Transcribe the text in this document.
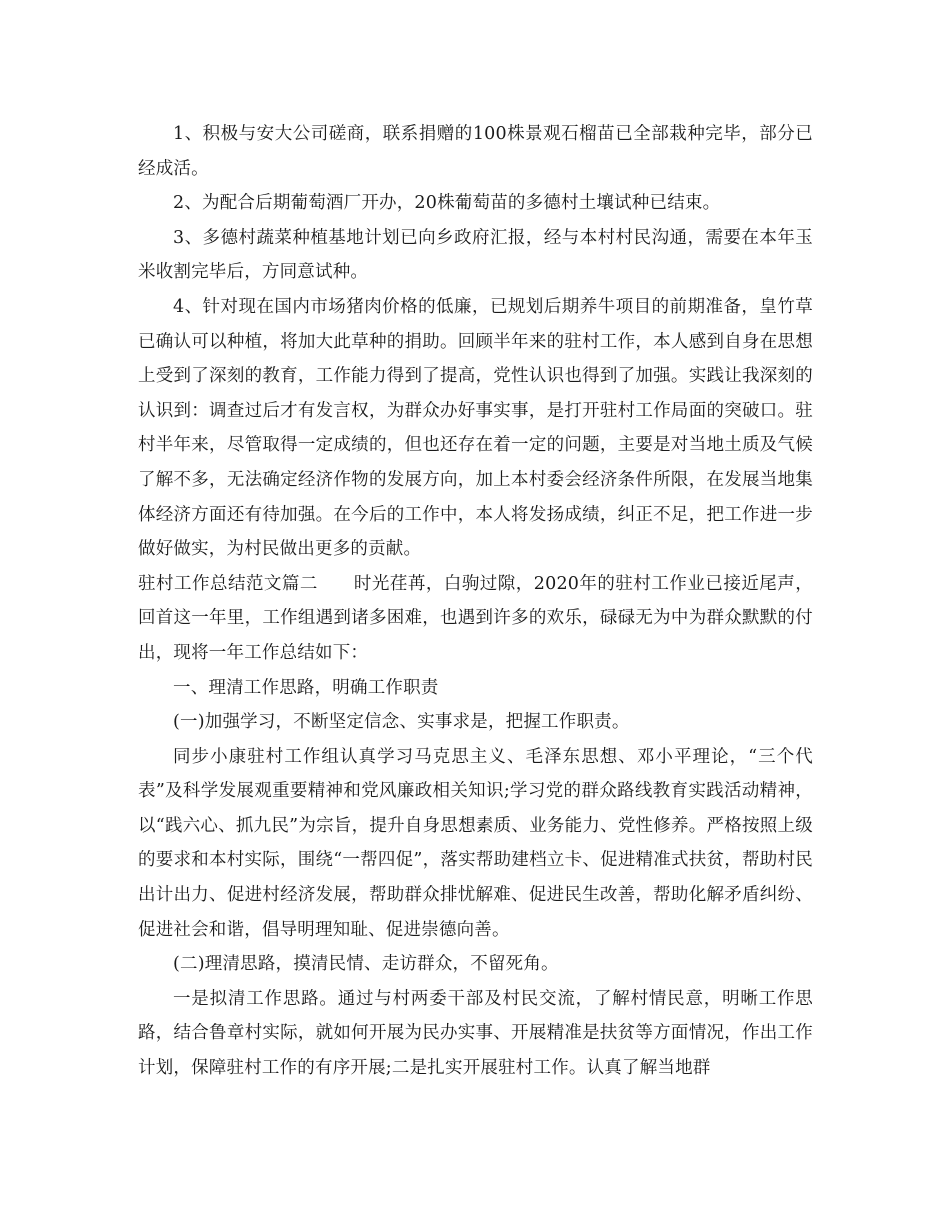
1、积极与安大公司磋商，联系捐赠的100株景观石榴苗已全部栽种完毕，部分已经成活。

2、为配合后期葡萄酒厂开办，20株葡萄苗的多德村土壤试种已结束。

3、多德村蔬菜种植基地计划已向乡政府汇报，经与本村村民沟通，需要在本年玉米收割完毕后，方同意试种。

4、针对现在国内市场猪肉价格的低廉，已规划后期养牛项目的前期准备，皇竹草已确认可以种植，将加大此草种的捐助。回顾半年来的驻村工作，本人感到自身在思想上受到了深刻的教育，工作能力得到了提高，党性认识也得到了加强。实践让我深刻的认识到：调查过后才有发言权，为群众办好事实事，是打开驻村工作局面的突破口。驻村半年来，尽管取得一定成绩的，但也还存在着一定的问题，主要是对当地土质及气候了解不多，无法确定经济作物的发展方向，加上本村委会经济条件所限，在发展当地集体经济方面还有待加强。在今后的工作中，本人将发扬成绩，纠正不足，把工作进一步做好做实，为村民做出更多的贡献。

驻村工作总结范文篇二　　时光荏苒，白驹过隙，2020年的驻村工作业已接近尾声，回首这一年里，工作组遇到诸多困难，也遇到许多的欢乐，碌碌无为中为群众默默的付出，现将一年工作总结如下：

一、理清工作思路，明确工作职责

(一)加强学习，不断坚定信念、实事求是，把握工作职责。

同步小康驻村工作组认真学习马克思主义、毛泽东思想、邓小平理论，“三个代表”及科学发展观重要精神和党风廉政相关知识;学习党的群众路线教育实践活动精神，以“践六心、抓九民”为宗旨，提升自身思想素质、业务能力、党性修养。严格按照上级的要求和本村实际，围绕“一帮四促”，落实帮助建档立卡、促进精准式扶贫，帮助村民出计出力、促进村经济发展，帮助群众排忧解难、促进民生改善，帮助化解矛盾纠纷、促进社会和谐，倡导明理知耻、促进崇德向善。

(二)理清思路，摸清民情、走访群众，不留死角。

一是拟清工作思路。通过与村两委干部及村民交流，了解村情民意，明晰工作思路，结合鲁章村实际，就如何开展为民办实事、开展精准是扶贫等方面情况，作出工作计划，保障驻村工作的有序开展;二是扎实开展驻村工作。认真了解当地群
